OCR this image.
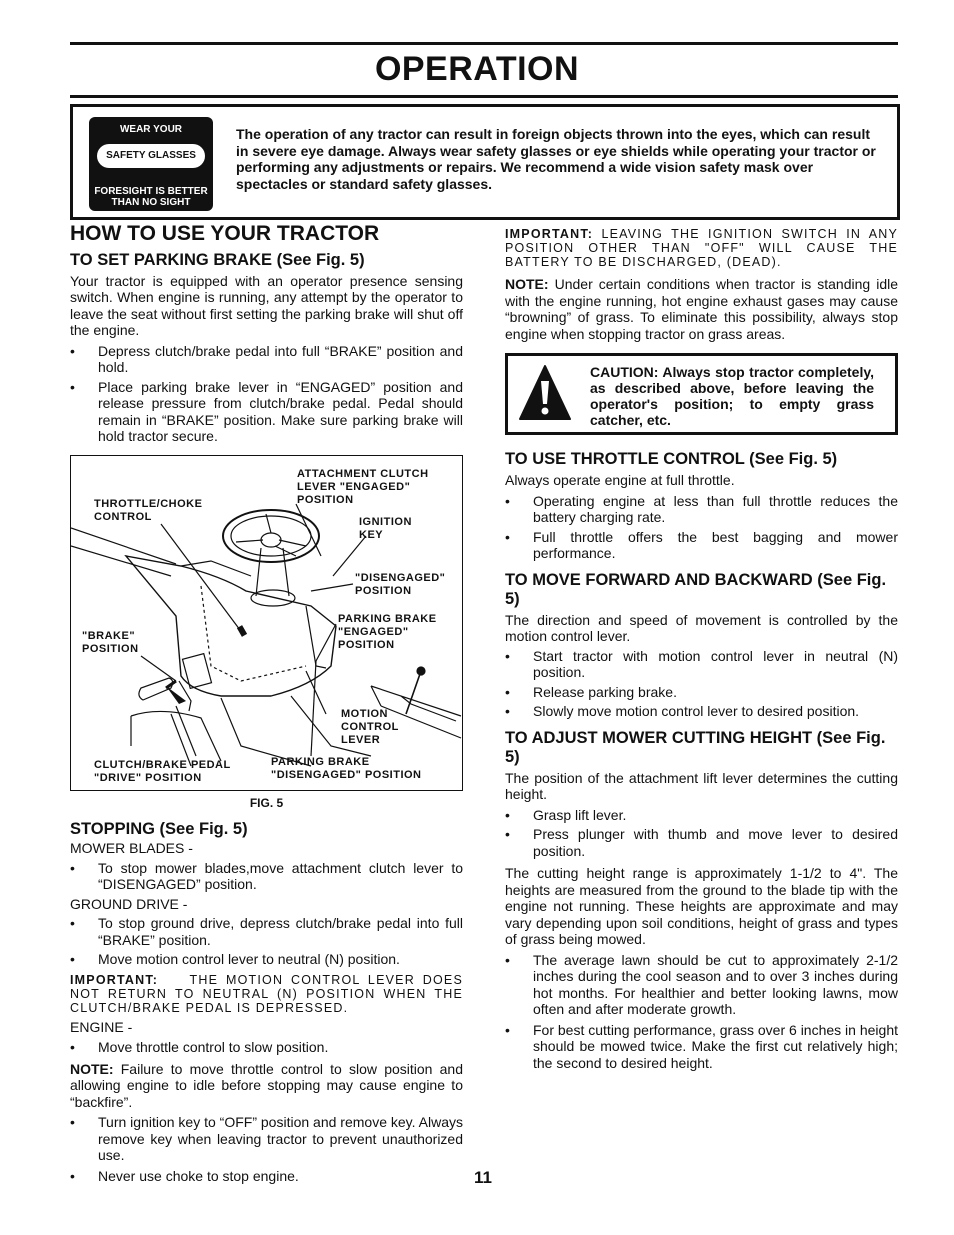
OPERATION
WEAR YOUR
SAFETY GLASSES
FORESIGHT IS BETTER
THAN NO SIGHT
The operation of any tractor can result in foreign objects thrown into the eyes, which can result in severe eye damage. Always wear safety glasses or eye shields while operating your tractor or performing any adjustments or repairs. We recommend a wide vision safety mask over spectacles or standard safety glasses.
HOW TO USE YOUR TRACTOR
TO SET PARKING BRAKE (See Fig. 5)

Your tractor is equipped with an operator presence sensing switch. When engine is running, any attempt by the operator to leave the seat without first setting the parking brake will shut off the engine.

• Depress clutch/brake pedal into full “BRAKE” position and hold.
• Place parking brake lever in “ENGAGED” position and release pressure from clutch/brake pedal. Pedal should remain in “BRAKE” position. Make sure parking brake will hold tractor secure.
ATTACHMENT CLUTCH
LEVER "ENGAGED"
POSITION
THROTTLE/CHOKE
CONTROL	IGNITION
KEY
"DISENGAGED"
POSITION
PARKING BRAKE
"ENGAGED"
POSITION
"BRAKE"
POSITION
MOTION
CONTROL
LEVER
CLUTCH/BRAKE PEDAL
"DRIVE" POSITION
PARKING BRAKE
"DISENGAGED" POSITION
FIG. 5
STOPPING (See Fig. 5)

MOWER BLADES -

• To stop mower blades,move attachment clutch lever to “DISENGAGED” position.

GROUND DRIVE -

• To stop ground drive, depress clutch/brake pedal into full “BRAKE” position.
• Move motion control lever to neutral (N) position.

IMPORTANT:	THE MOTION CONTROL LEVER DOES NOT RETURN TO NEUTRAL (N) POSITION WHEN THE CLUTCH/BRAKE PEDAL IS DEPRESSED.

ENGINE -

• Move throttle control to slow position.

NOTE: Failure to move throttle control to slow position and allowing engine to idle before stopping may cause engine to “backfire”.

• Turn ignition key to “OFF” position and remove key. Always remove key when leaving tractor to prevent unauthorized use.
• Never use choke to stop engine.	11

IMPORTANT: LEAVING THE IGNITION SWITCH IN ANY POSITION OTHER THAN "OFF" WILL CAUSE THE BATTERY TO BE DISCHARGED, (DEAD).

NOTE: Under certain conditions when tractor is standing idle with the engine running, hot engine exhaust gases may cause “browning” of grass. To eliminate this possibility, always stop engine when stopping tractor on grass areas.

CAUTION: Always stop tractor completely, as described above, before leaving the operator's position; to empty grass catcher, etc.
TO USE THROTTLE CONTROL (See Fig. 5)

Always operate engine at full throttle.

• Operating engine at less than full throttle reduces the battery charging rate.
• Full throttle offers the best bagging and mower performance.
TO MOVE FORWARD AND BACKWARD (See Fig. 5)

The direction and speed of movement is controlled by the motion control lever.

• Start tractor with motion control lever in neutral (N) position.
• Release parking brake.
• Slowly move motion control lever to desired position.
TO ADJUST MOWER CUTTING HEIGHT (See Fig. 5)

The position of the attachment lift lever determines the cutting height.

• Grasp lift lever.
• Press plunger with thumb and move lever to desired position.

The cutting height range is approximately 1-1/2 to 4". The heights are measured from the ground to the blade tip with the engine not running. These heights are approximate and may vary depending upon soil conditions, height of grass and types of grass being mowed.

• The average lawn should be cut to approximately 2-1/2 inches during the cool season and to over 3 inches during hot months. For healthier and better looking lawns, mow often and after moderate growth.
• For best cutting performance, grass over 6 inches in height should be mowed twice. Make the first cut relatively high; the second to desired height.
